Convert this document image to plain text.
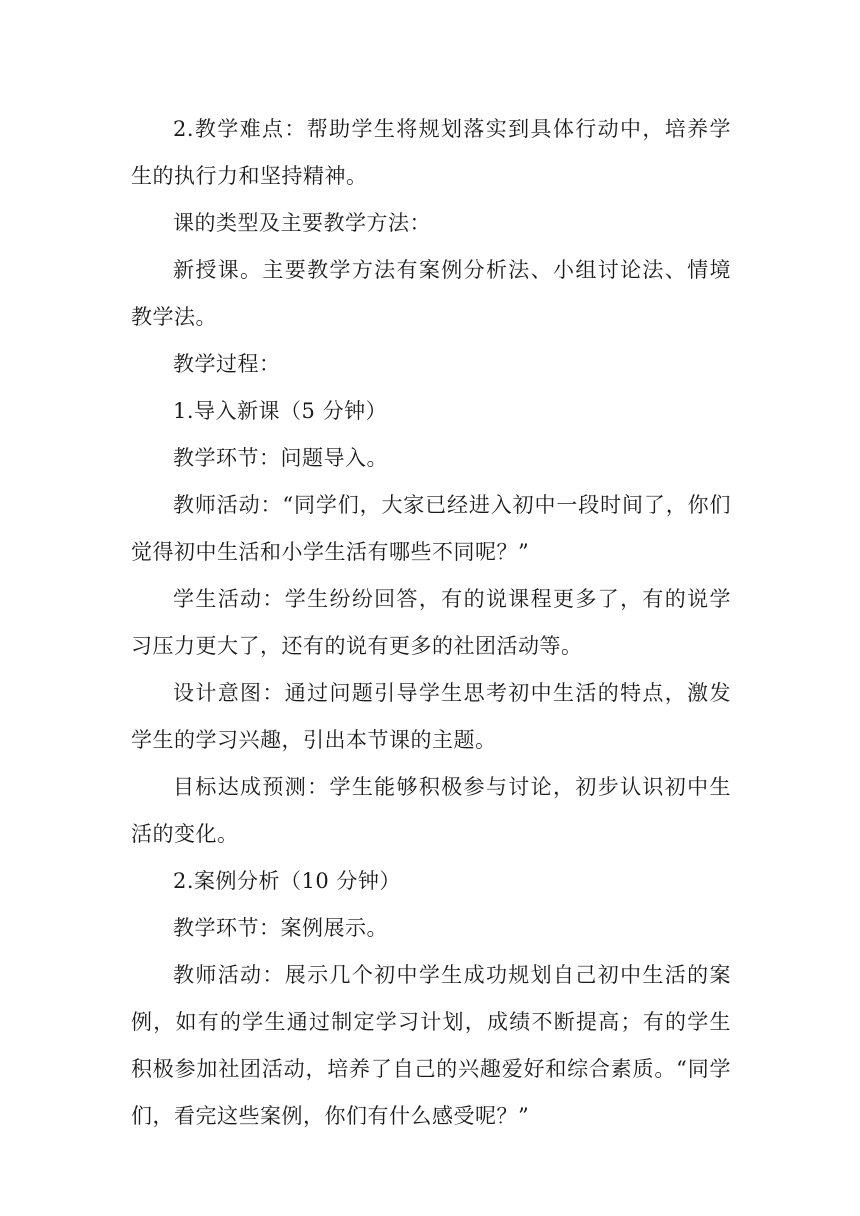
2.教学难点：帮助学生将规划落实到具体行动中，培养学生的执行力和坚持精神。

课的类型及主要教学方法：

新授课。主要教学方法有案例分析法、小组讨论法、情境教学法。

教学过程：

1.导入新课（5 分钟）

教学环节：问题导入。

教师活动：“同学们，大家已经进入初中一段时间了，你们觉得初中生活和小学生活有哪些不同呢？”

学生活动：学生纷纷回答，有的说课程更多了，有的说学习压力更大了，还有的说有更多的社团活动等。

设计意图：通过问题引导学生思考初中生活的特点，激发学生的学习兴趣，引出本节课的主题。

目标达成预测：学生能够积极参与讨论，初步认识初中生活的变化。

2.案例分析（10 分钟）

教学环节：案例展示。

教师活动：展示几个初中学生成功规划自己初中生活的案例，如有的学生通过制定学习计划，成绩不断提高；有的学生积极参加社团活动，培养了自己的兴趣爱好和综合素质。“同学们，看完这些案例，你们有什么感受呢？”
